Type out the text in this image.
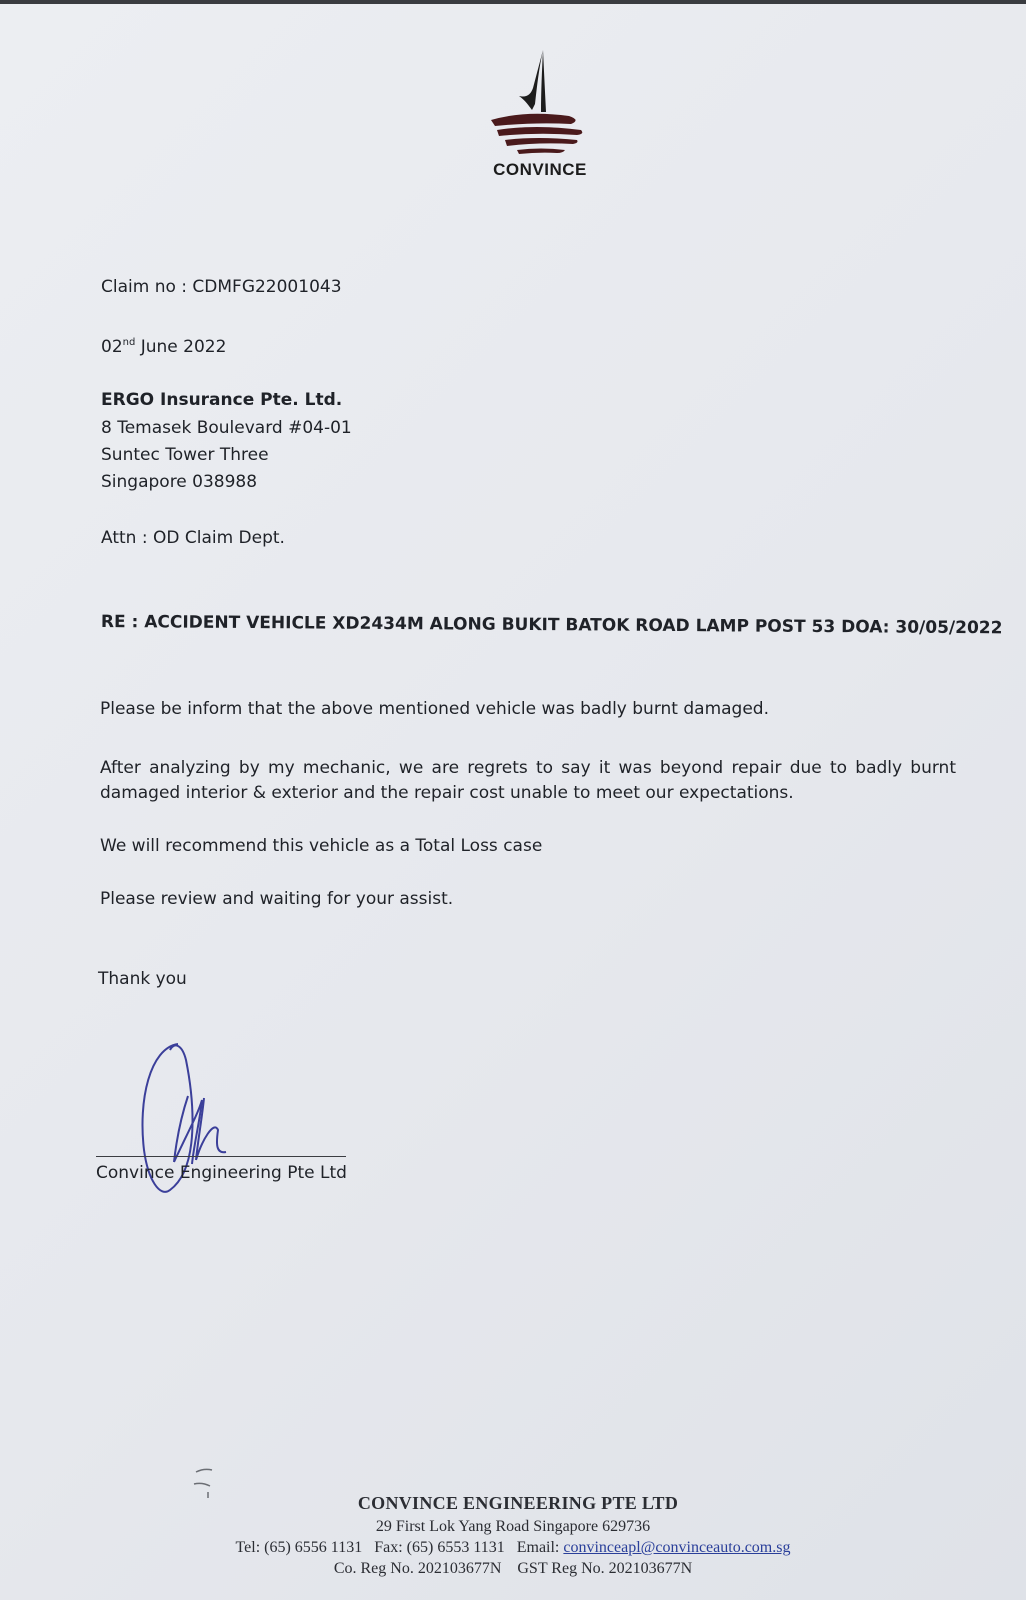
CONVINCE
Claim no : CDMFG22001043
02nd June 2022
ERGO Insurance Pte. Ltd.
8 Temasek Boulevard #04-01
Suntec Tower Three
Singapore 038988
Attn : OD Claim Dept.
RE : ACCIDENT VEHICLE XD2434M ALONG BUKIT BATOK ROAD LAMP POST 53 DOA: 30/05/2022
Please be inform that the above mentioned vehicle was badly burnt damaged.
After analyzing by my mechanic, we are regrets to say it was beyond repair due to badly burnt damaged interior & exterior and the repair cost unable to meet our expectations.
We will recommend this vehicle as a Total Loss case
Please review and waiting for your assist.
Thank you
Convince Engineering Pte Ltd
CONVINCE ENGINEERING PTE LTD
29 First Lok Yang Road Singapore 629736
Tel: (65) 6556 1131   Fax: (65) 6553 1131   Email: convinceapl@convinceauto.com.sg
Co. Reg No. 202103677N    GST Reg No. 202103677N
